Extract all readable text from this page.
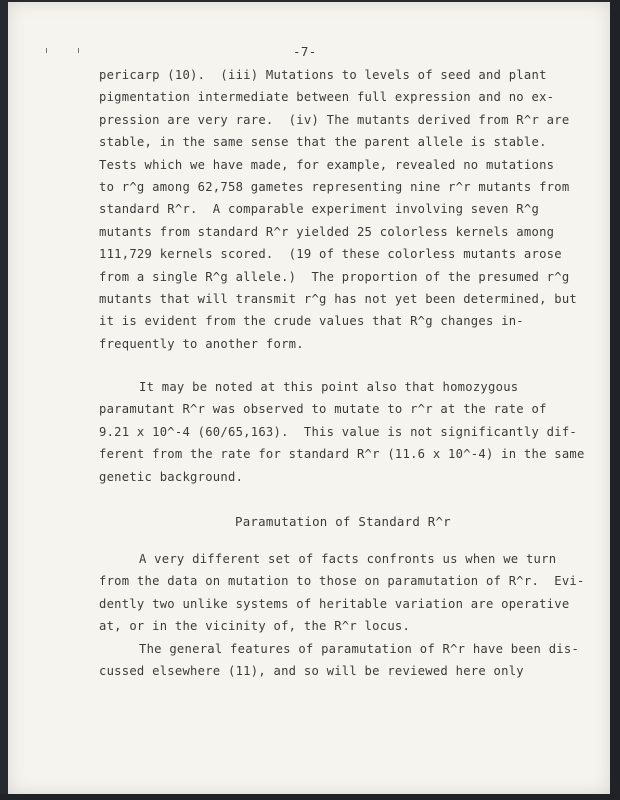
-7-
pericarp (10).  (iii) Mutations to levels of seed and plant
pigmentation intermediate between full expression and no ex-
pression are very rare.  (iv) The mutants derived from R^r are
stable, in the same sense that the parent allele is stable.
Tests which we have made, for example, revealed no mutations
to r^g among 62,758 gametes representing nine r^r mutants from
standard R^r.  A comparable experiment involving seven R^g
mutants from standard R^r yielded 25 colorless kernels among
111,729 kernels scored.  (19 of these colorless mutants arose
from a single R^g allele.)  The proportion of the presumed r^g
mutants that will transmit r^g has not yet been determined, but
it is evident from the crude values that R^g changes in-
frequently to another form.
It may be noted at this point also that homozygous
paramutant R^r was observed to mutate to r^r at the rate of
9.21 x 10^-4 (60/65,163).  This value is not significantly dif-
ferent from the rate for standard R^r (11.6 x 10^-4) in the same
genetic background.
A very different set of facts confronts us when we turn
from the data on mutation to those on paramutation of R^r.  Evi-
dently two unlike systems of heritable variation are operative
at, or in the vicinity of, the R^r locus.
The general features of paramutation of R^r have been dis-
cussed elsewhere (11), and so will be reviewed here only
Paramutation of Standard R^r
